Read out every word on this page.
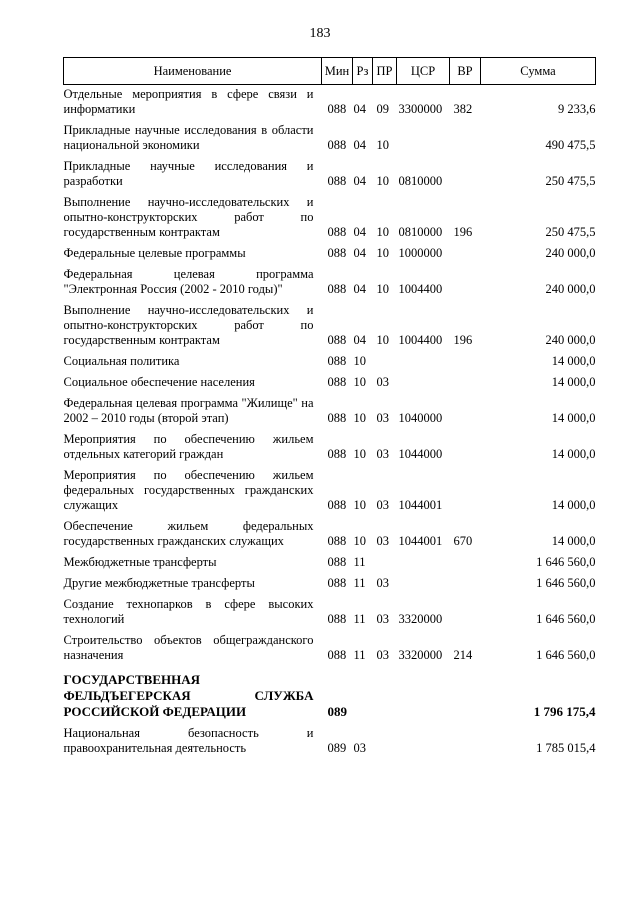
183
Наименование	Мин	Рз	ПР	ЦСР	ВР	Сумма
Отдельные мероприятия в сфере связи и информатики	088	04	09	3300000	382	9 233,6
Прикладные научные исследования в области национальной экономики	088	04	10			490 475,5
Прикладные научные исследования и разработки	088	04	10	0810000		250 475,5
Выполнение научно-исследовательских и опытно-конструкторских работ по государственным контрактам	088	04	10	0810000	196	250 475,5
Федеральные целевые программы	088	04	10	1000000		240 000,0
Федеральная целевая программа "Электронная Россия (2002 - 2010 годы)"	088	04	10	1004400		240 000,0
Выполнение научно-исследовательских и опытно-конструкторских работ по государственным контрактам	088	04	10	1004400	196	240 000,0
Социальная политика	088	10				14 000,0
Социальное обеспечение населения	088	10	03			14 000,0
Федеральная целевая программа "Жилище" на 2002 – 2010 годы (второй этап)	088	10	03	1040000		14 000,0
Мероприятия по обеспечению жильем отдельных категорий граждан	088	10	03	1044000		14 000,0
Мероприятия по обеспечению жильем федеральных государственных гражданских служащих	088	10	03	1044001		14 000,0
Обеспечение жильем федеральных государственных гражданских служащих	088	10	03	1044001	670	14 000,0
Межбюджетные трансферты	088	11				1 646 560,0
Другие межбюджетные трансферты	088	11	03			1 646 560,0
Создание технопарков в сфере высоких технологий	088	11	03	3320000		1 646 560,0
Строительство объектов общегражданского назначения	088	11	03	3320000	214	1 646 560,0
ГОСУДАРСТВЕННАЯ ФЕЛЬДЪЕГЕРСКАЯ СЛУЖБА РОССИЙСКОЙ ФЕДЕРАЦИИ	089					1 796 175,4
Национальная безопасность и правоохранительная деятельность	089	03				1 785 015,4
